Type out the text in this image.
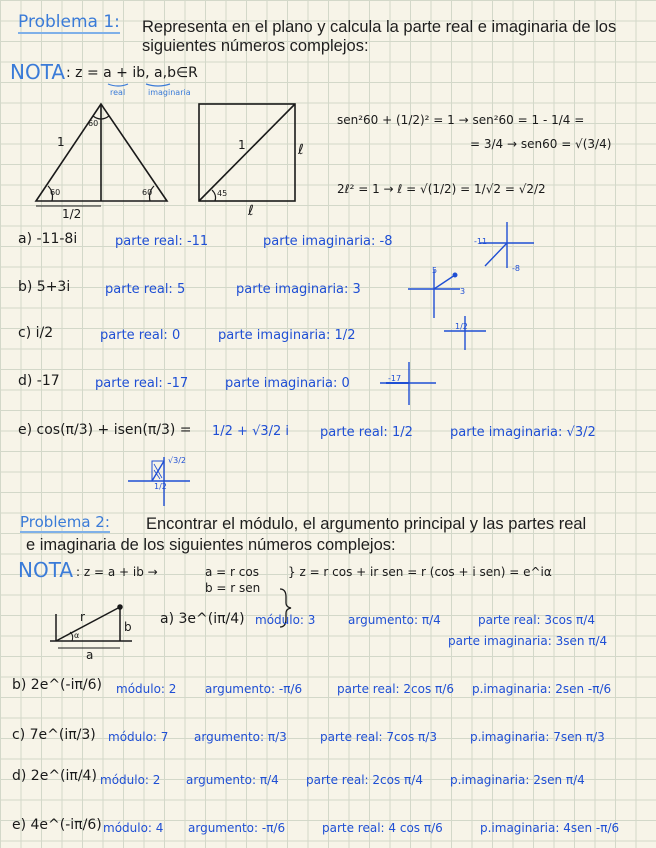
Problema 1: Representa en el plano y calcula la parte real e imaginaria de los
siguientes números complejos:
NOTA : z = a + ib, a,b∈R
real	imaginaria
1
60
60	60
1/2
1	ℓ
ℓ
45
sen²60 + (1/2)² = 1 → sen²60 = 1 - 1/4 =
= 3/4 → sen60 = √(3/4)
2ℓ² = 1 → ℓ = √(1/2) = 1/√2 = √2/2
a) -11-8i	parte real: -11	parte imaginaria: -8	-11
-8
b) 5+3i	parte real: 5	parte imaginaria: 3
5
3
c) i/2	parte real: 0	parte imaginaria: 1/2
1/2
d) -17	parte real: -17	parte imaginaria: 0	-17
e) cos(π/3) + isen(π/3) = 1/2 + √3/2 i parte real: 1/2	parte imaginaria: √3/2
√3/2
1/2
Problema 2: Encontrar el módulo, el argumento principal y las partes real
e imaginaria de los siguientes números complejos:
NOTA : z = a + ib →	a = r cos
b = r sen
} z = r cos + ir sen = r (cos + i sen) = e^iα
r
b
a
α
a) 3e^(iπ/4) módulo: 3	argumento: π/4	parte real: 3cos π/4
parte imaginaria: 3sen π/4
b) 2e^(-iπ/6) módulo: 2 argumento: -π/6	parte real: 2cos π/6 p.imaginaria: 2sen -π/6
c) 7e^(iπ/3) módulo: 7 argumento: π/3	parte real: 7cos π/3	p.imaginaria: 7sen π/3
d) 2e^(iπ/4) módulo: 2 argumento: π/4 parte real: 2cos π/4 p.imaginaria: 2sen π/4
e) 4e^(-iπ/6) módulo: 4 argumento: -π/6	parte real: 4 cos π/6	p.imaginaria: 4sen -π/6
